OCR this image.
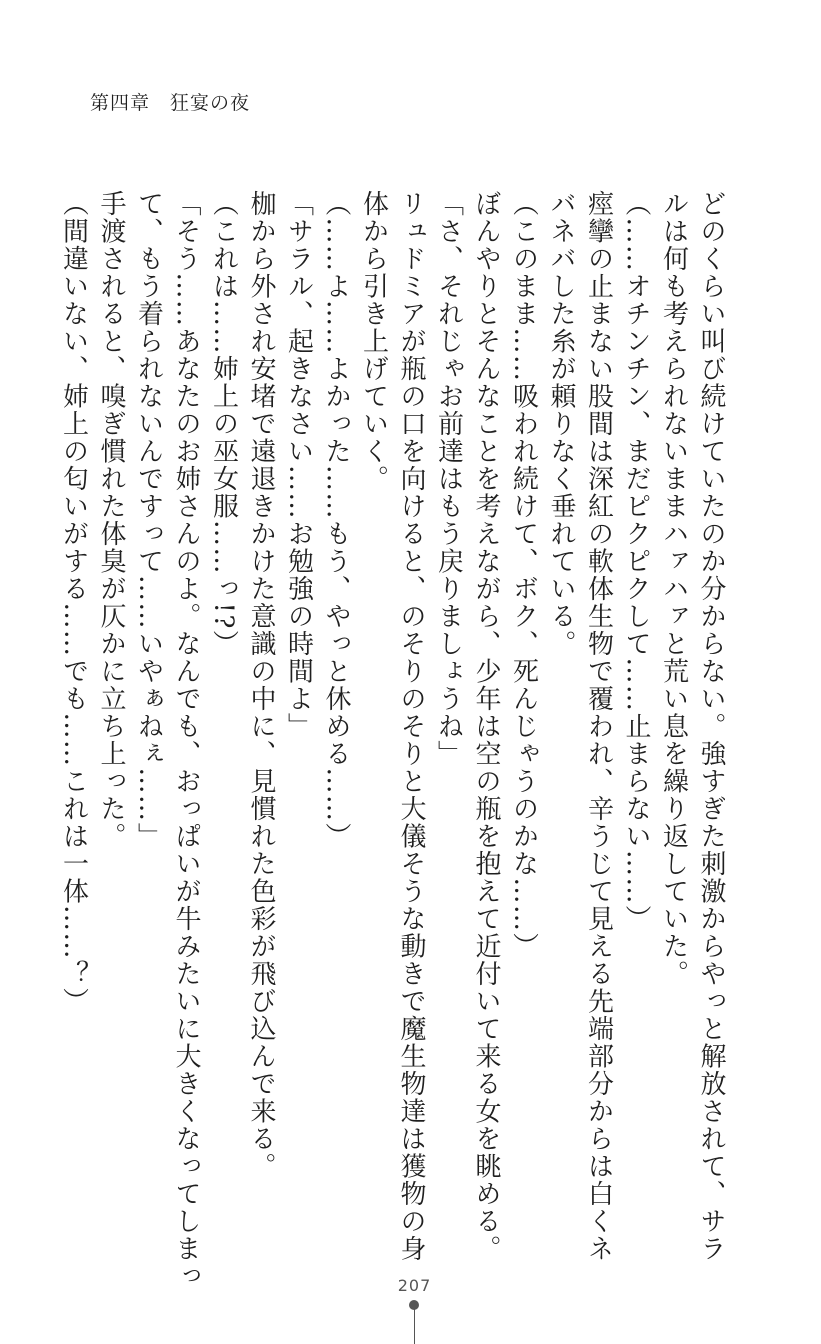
第四章　狂宴の夜
どのくらい叫び続けていたのか分からない。強すぎた刺激からやっと解放されて、サラ
ルは何も考えられないままハァハァと荒い息を繰り返していた。
（……オチンチン、まだピクピクして……止まらない……）
痙攣の止まない股間は深紅の軟体生物で覆われ、辛うじて見える先端部分からは白くネ
バネバした糸が頼りなく垂れている。
（このまま……吸われ続けて、ボク、死んじゃうのかな……）
ぼんやりとそんなことを考えながら、少年は空の瓶を抱えて近付いて来る女を眺める。
「さ、それじゃお前達はもう戻りましょうね」
リュドミアが瓶の口を向けると、のそりのそりと大儀そうな動きで魔生物達は獲物の身
体から引き上げていく。
（……よ……よかった……もう、やっと休める……）
「サラル、起きなさい……お勉強の時間よ」
枷から外され安堵で遠退きかけた意識の中に、見慣れた色彩が飛び込んで来る。
（これは……姉上の巫女服……っ!?）
「そう……あなたのお姉さんのよ。なんでも、おっぱいが牛みたいに大きくなってしまっ
て、もう着られないんですって……いやぁねぇ……」
手渡されると、嗅ぎ慣れた体臭が仄かに立ち上った。
（間違いない、姉上の匂いがする……でも……これは一体……？）
207
